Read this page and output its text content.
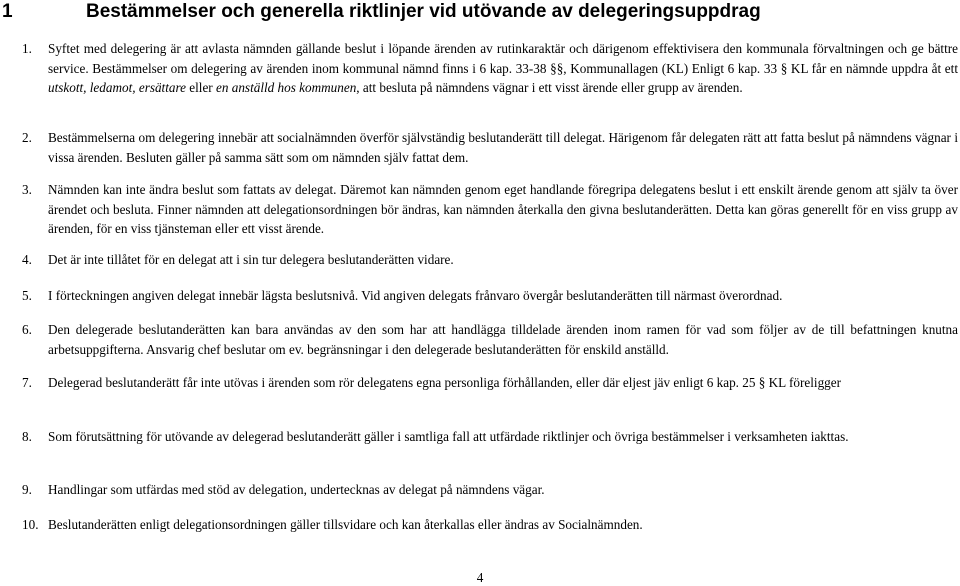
1	Bestämmelser och generella riktlinjer vid utövande av delegeringsuppdrag
1. Syftet med delegering är att avlasta nämnden gällande beslut i löpande ärenden av rutinkaraktär och därigenom effektivisera den kommunala förvaltningen och ge bättre service. Bestämmelser om delegering av ärenden inom kommunal nämnd finns i 6 kap. 33-38 §§, Kommunallagen (KL) Enligt 6 kap. 33 § KL får en nämnde uppdra åt ett utskott, ledamot, ersättare eller en anställd hos kommunen, att besluta på nämndens vägnar i ett visst ärende eller grupp av ärenden.
2. Bestämmelserna om delegering innebär att socialnämnden överför självständig beslutanderätt till delegat. Härigenom får delegaten rätt att fatta beslut på nämndens vägnar i vissa ärenden. Besluten gäller på samma sätt som om nämnden själv fattat dem.
3. Nämnden kan inte ändra beslut som fattats av delegat. Däremot kan nämnden genom eget handlande föregripa delegatens beslut i ett enskilt ärende genom att själv ta över ärendet och besluta. Finner nämnden att delegationsordningen bör ändras, kan nämnden återkalla den givna beslutanderätten. Detta kan göras generellt för en viss grupp av ärenden, för en viss tjänsteman eller ett visst ärende.
4. Det är inte tillåtet för en delegat att i sin tur delegera beslutanderätten vidare.
5. I förteckningen angiven delegat innebär lägsta beslutsnivå. Vid angiven delegats frånvaro övergår beslutanderätten till närmast överordnad.
6. Den delegerade beslutanderätten kan bara användas av den som har att handlägga tilldelade ärenden inom ramen för vad som följer av de till befattningen knutna arbetsuppgifterna. Ansvarig chef beslutar om ev. begränsningar i den delegerade beslutanderätten för enskild anställd.
7. Delegerad beslutanderätt får inte utövas i ärenden som rör delegatens egna personliga förhållanden, eller där eljest jäv enligt 6 kap. 25 § KL föreligger
8. Som förutsättning för utövande av delegerad beslutanderätt gäller i samtliga fall att utfärdade riktlinjer och övriga bestämmelser i verksamheten iakttas.
9. Handlingar som utfärdas med stöd av delegation, undertecknas av delegat på nämndens vägar.
10. Beslutanderätten enligt delegationsordningen gäller tillsvidare och kan återkallas eller ändras av Socialnämnden.
4
